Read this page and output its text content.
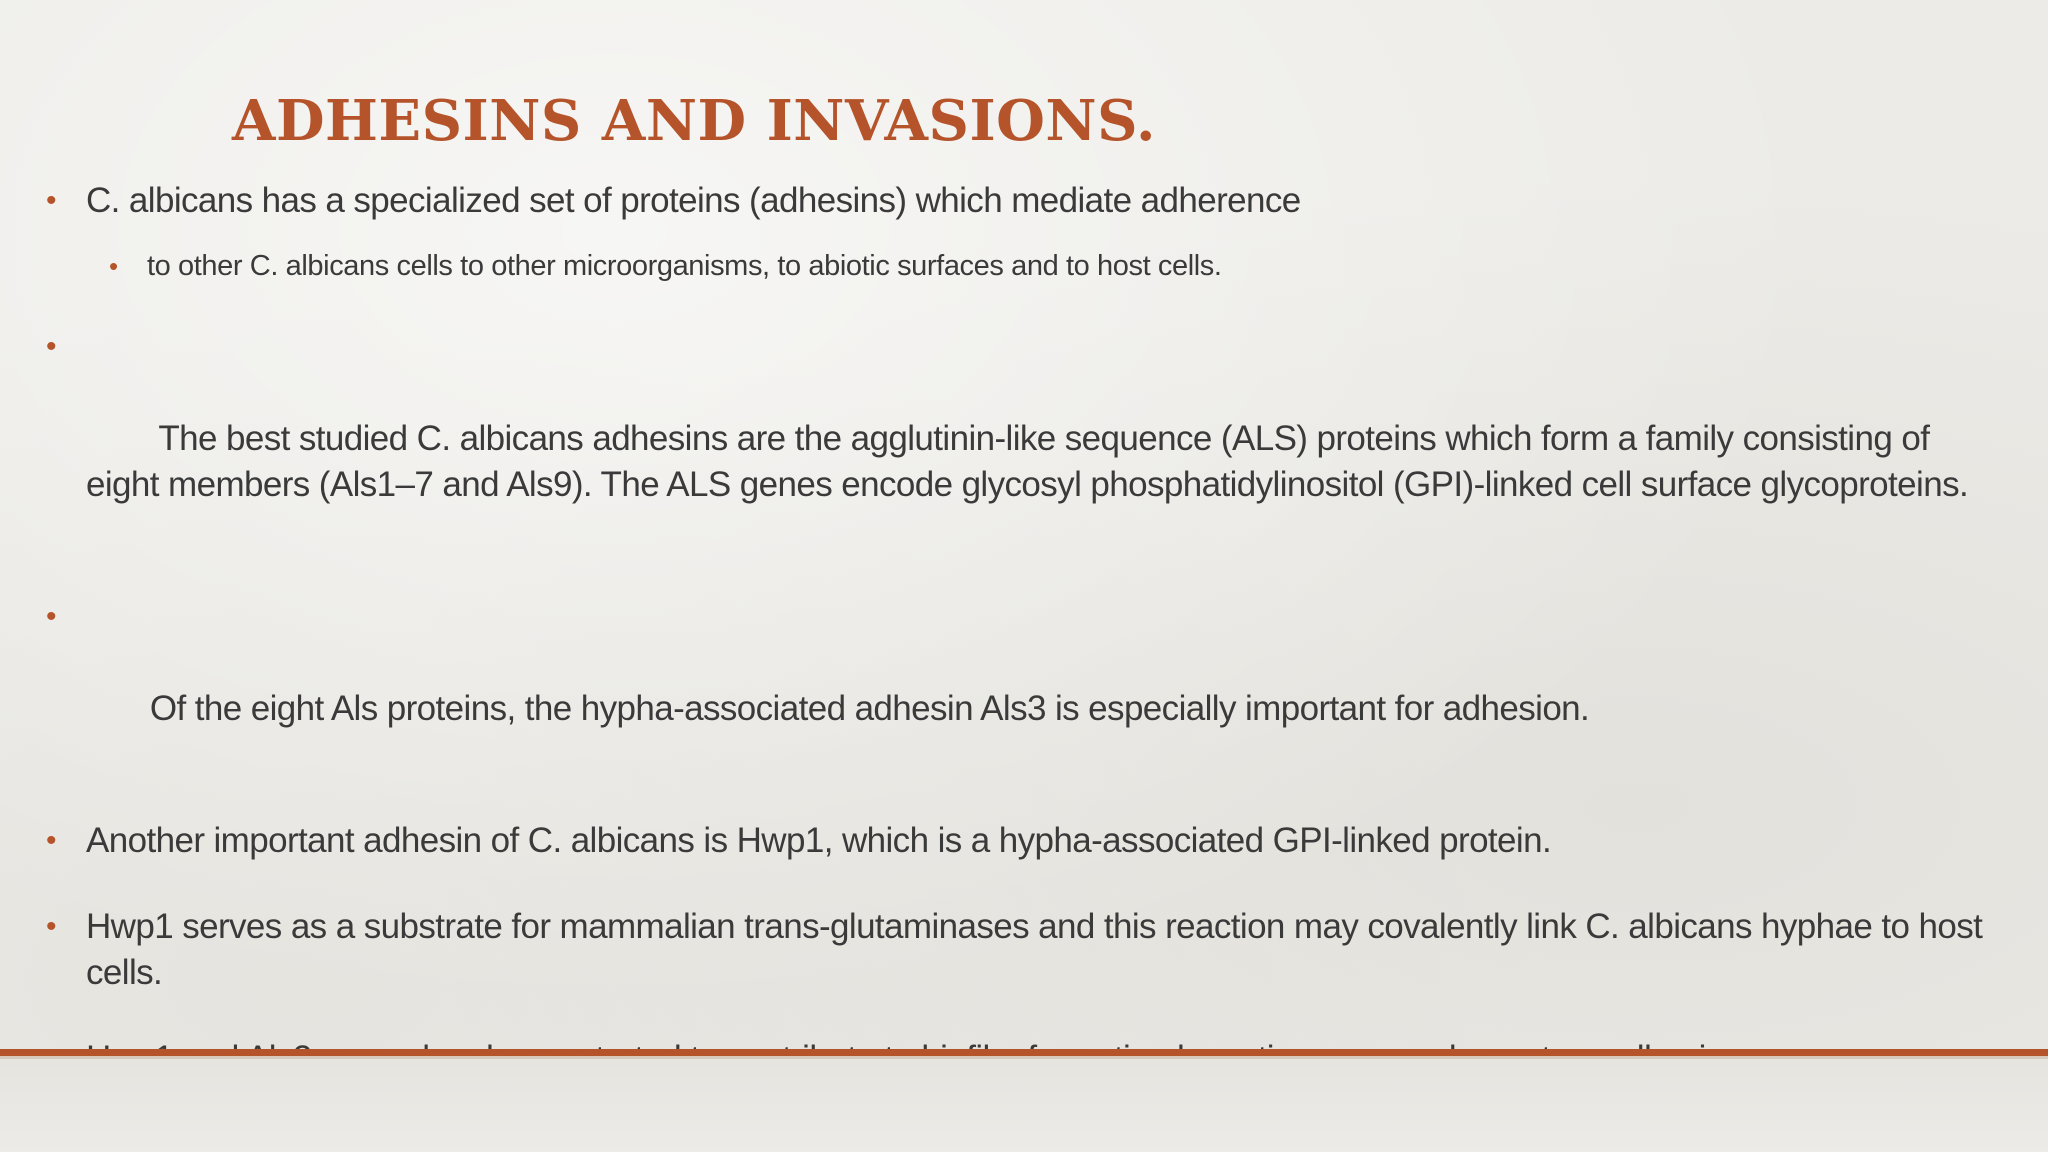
ADHESINS AND INVASIONS.
• C. albicans has a specialized set of proteins (adhesins) which mediate adherence
• to other C. albicans cells to other microorganisms, to abiotic surfaces and to host cells.

•

The best studied C. albicans adhesins are the agglutinin-like sequence (ALS) proteins which form a family consisting of eight members (Als1–7 and Als9). The ALS genes encode glycosyl phosphatidylinositol (GPI)-linked cell surface glycoproteins.

•

Of the eight Als proteins, the hypha-associated adhesin Als3 is especially important for adhesion.

• Another important adhesin of C. albicans is Hwp1, which is a hypha-associated GPI-linked protein.
• Hwp1 serves as a substrate for mammalian trans-glutaminases and this reaction may covalently link C. albicans hyphae to host cells.
